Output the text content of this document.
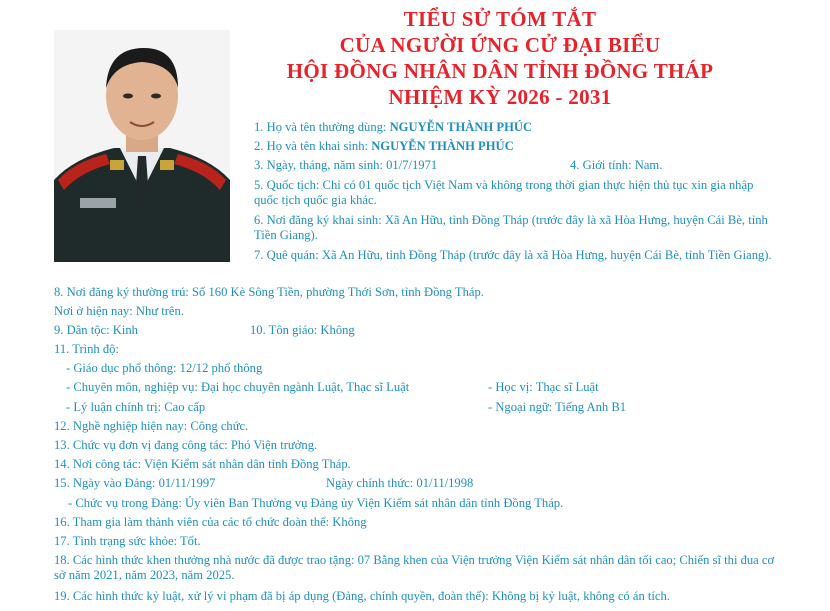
TIỂU SỬ TÓM TẮT
CỦA NGƯỜI ỨNG CỬ ĐẠI BIỂU
HỘI ĐỒNG NHÂN DÂN TỈNH ĐỒNG THÁP
NHIỆM KỲ 2026 - 2031
1. Họ và tên thường dùng: NGUYỄN THÀNH PHÚC
2. Họ và tên khai sinh: NGUYỄN THÀNH PHÚC
3. Ngày, tháng, năm sinh: 01/7/1971	4. Giới tính: Nam.
5. Quốc tịch: Chỉ có 01 quốc tịch Việt Nam và không trong thời gian thực hiện thủ tục xin gia nhập quốc tịch quốc gia khác.
6. Nơi đăng ký khai sinh: Xã An Hữu, tỉnh Đồng Tháp (trước đây là xã Hòa Hưng, huyện Cái Bè, tỉnh Tiền Giang).
7. Quê quán: Xã An Hữu, tỉnh Đồng Tháp (trước đây là xã Hòa Hưng, huyện Cái Bè, tỉnh Tiền Giang).
8. Nơi đăng ký thường trú: Số 160 Kè Sông Tiền, phường Thới Sơn, tỉnh Đồng Tháp.
Nơi ở hiện nay: Như trên.
9. Dân tộc: Kinh	10. Tôn giáo: Không
11. Trình độ:
- Giáo dục phổ thông: 12/12 phổ thông
- Chuyên môn, nghiệp vụ: Đại học chuyên ngành Luật, Thạc sĩ Luật	- Học vị: Thạc sĩ Luật
- Lý luận chính trị: Cao cấp	- Ngoại ngữ: Tiếng Anh B1
12. Nghề nghiệp hiện nay: Công chức.
13. Chức vụ đơn vị đang công tác: Phó Viện trưởng.
14. Nơi công tác: Viện Kiểm sát nhân dân tỉnh Đồng Tháp.
15. Ngày vào Đảng: 01/11/1997	Ngày chính thức: 01/11/1998
- Chức vụ trong Đảng: Ủy viên Ban Thường vụ Đảng ủy Viện Kiểm sát nhân dân tỉnh Đồng Tháp.
16. Tham gia làm thành viên của các tổ chức đoàn thể: Không
17. Tình trạng sức khỏe: Tốt.
18. Các hình thức khen thưởng nhà nước đã được trao tặng: 07 Bằng khen của Viện trưởng Viện Kiểm sát nhân dân tối cao; Chiến sĩ thi đua cơ sở năm 2021, năm 2023, năm 2025.
19. Các hình thức kỷ luật, xử lý vi phạm đã bị áp dụng (Đảng, chính quyền, đoàn thể): Không bị kỷ luật, không có án tích.
